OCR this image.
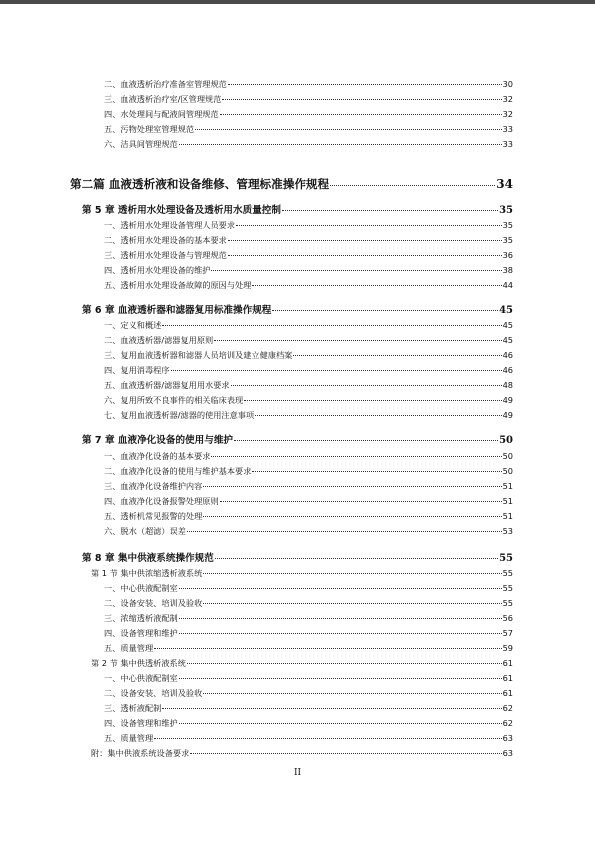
二、血液透析治疗准备室管理规范	30
三、血液透析治疗室/区管理规范	32
四、水处理间与配液间管理规范	32
五、污物处理室管理规范	33
六、洁具间管理规范	33
第二篇 血液透析液和设备维修、管理标准操作规程	34
第 5 章 透析用水处理设备及透析用水质量控制	35
一、透析用水处理设备管理人员要求	35
二、透析用水处理设备的基本要求	35
三、透析用水处理设备与管理规范	36
四、透析用水处理设备的维护	38
五、透析用水处理设备故障的原因与处理	44
第 6 章 血液透析器和滤器复用标准操作规程	45
一、定义和概述	45
二、血液透析器/滤器复用原则	45
三、复用血液透析器和滤器人员培训及建立健康档案	46
四、复用消毒程序	46
五、血液透析器/滤器复用用水要求	48
六、复用所致不良事件的相关临床表现	49
七、复用血液透析器/滤器的使用注意事项	49
第 7 章 血液净化设备的使用与维护	50
一、血液净化设备的基本要求	50
二、血液净化设备的使用与维护基本要求	50
三、血液净化设备维护内容	51
四、血液净化设备报警处理原则	51
五、透析机常见报警的处理	51
六、脱水（超滤）误差	53
第 8 章 集中供液系统操作规范	55
第 1 节 集中供浓缩透析液系统	55
一、中心供液配制室	55
二、设备安装、培训及验收	55
三、浓缩透析液配制	56
四、设备管理和维护	57
五、质量管理	59
第 2 节 集中供透析液系统	61
一、中心供液配制室	61
二、设备安装、培训及验收	61
三、透析液配制	62
四、设备管理和维护	62
五、质量管理	63
附：集中供液系统设备要求	63
II
